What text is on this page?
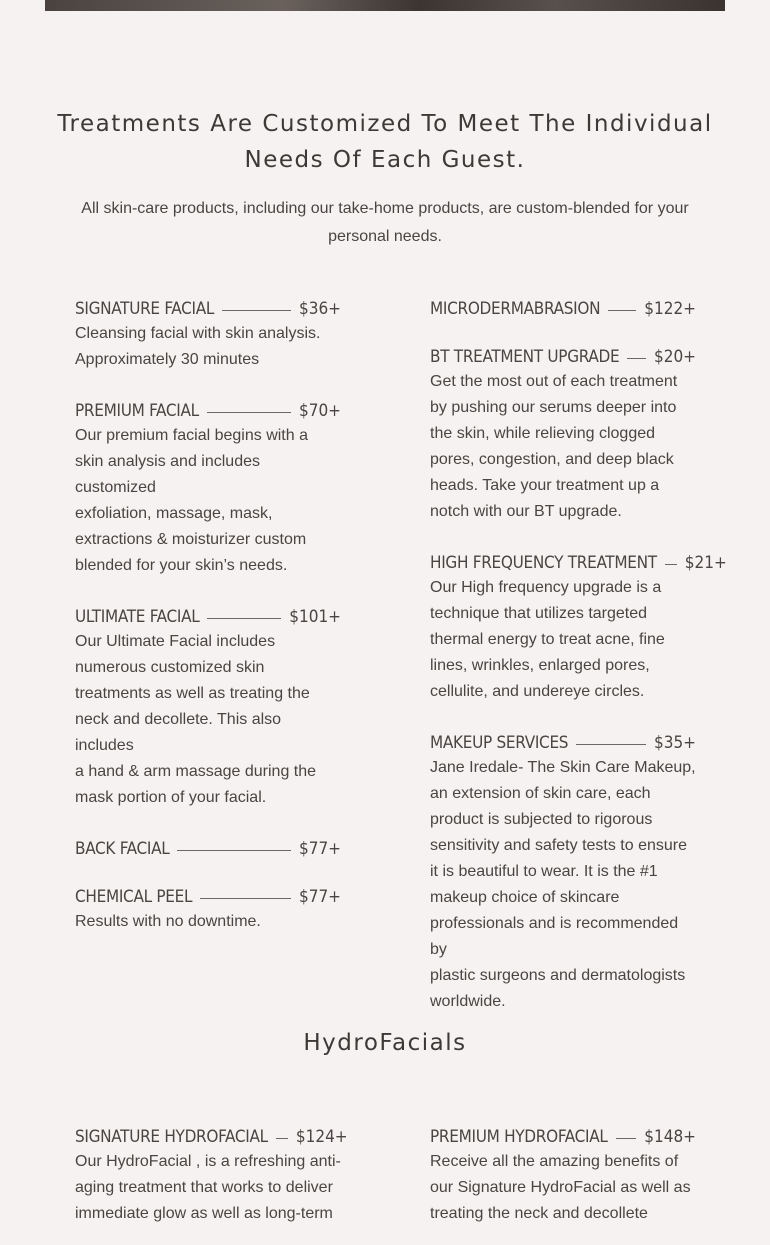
Treatments Are Customized To Meet The Individual Needs Of Each Guest.

All skin-care products, including our take-home products, are custom-blended for your personal needs.

SIGNATURE FACIAL	$36+

Cleansing facial with skin analysis.
Approximately 30 minutes

PREMIUM FACIAL	$70+

Our premium facial begins with a
skin analysis and includes customized
exfoliation, massage, mask,
extractions & moisturizer custom
blended for your skin’s needs.

ULTIMATE FACIAL	$101+

Our Ultimate Facial includes
numerous customized skin
treatments as well as treating the
neck and decollete. This also includes
a hand & arm massage during the
mask portion of your facial.

BACK FACIAL	$77+
CHEMICAL PEEL	$77+

Results with no downtime.

MICRODERMABRASION	$122+
BT TREATMENT UPGRADE $20+

Get the most out of each treatment
by pushing our serums deeper into
the skin, while relieving clogged
pores, congestion, and deep black
heads. Take your treatment up a
notch with our BT upgrade.

HIGH FREQUENCY TREATMENT $21+

Our High frequency upgrade is a
technique that utilizes targeted
thermal energy to treat acne, fine
lines, wrinkles, enlarged pores,
cellulite, and undereye circles.

MAKEUP SERVICES	$35+

Jane Iredale- The Skin Care Makeup,
an extension of skin care, each
product is subjected to rigorous
sensitivity and safety tests to ensure
it is beautiful to wear. It is the #1
makeup choice of skincare
professionals and is recommended by
plastic surgeons and dermatologists
worldwide.

HydroFacials
SIGNATURE HYDROFACIAL $124+

Our HydroFacial , is a refreshing anti-
aging treatment that works to deliver
immediate glow as well as long-term

PREMIUM HYDROFACIAL $148+

Receive all the amazing benefits of
our Signature HydroFacial as well as
treating the neck and decollete
